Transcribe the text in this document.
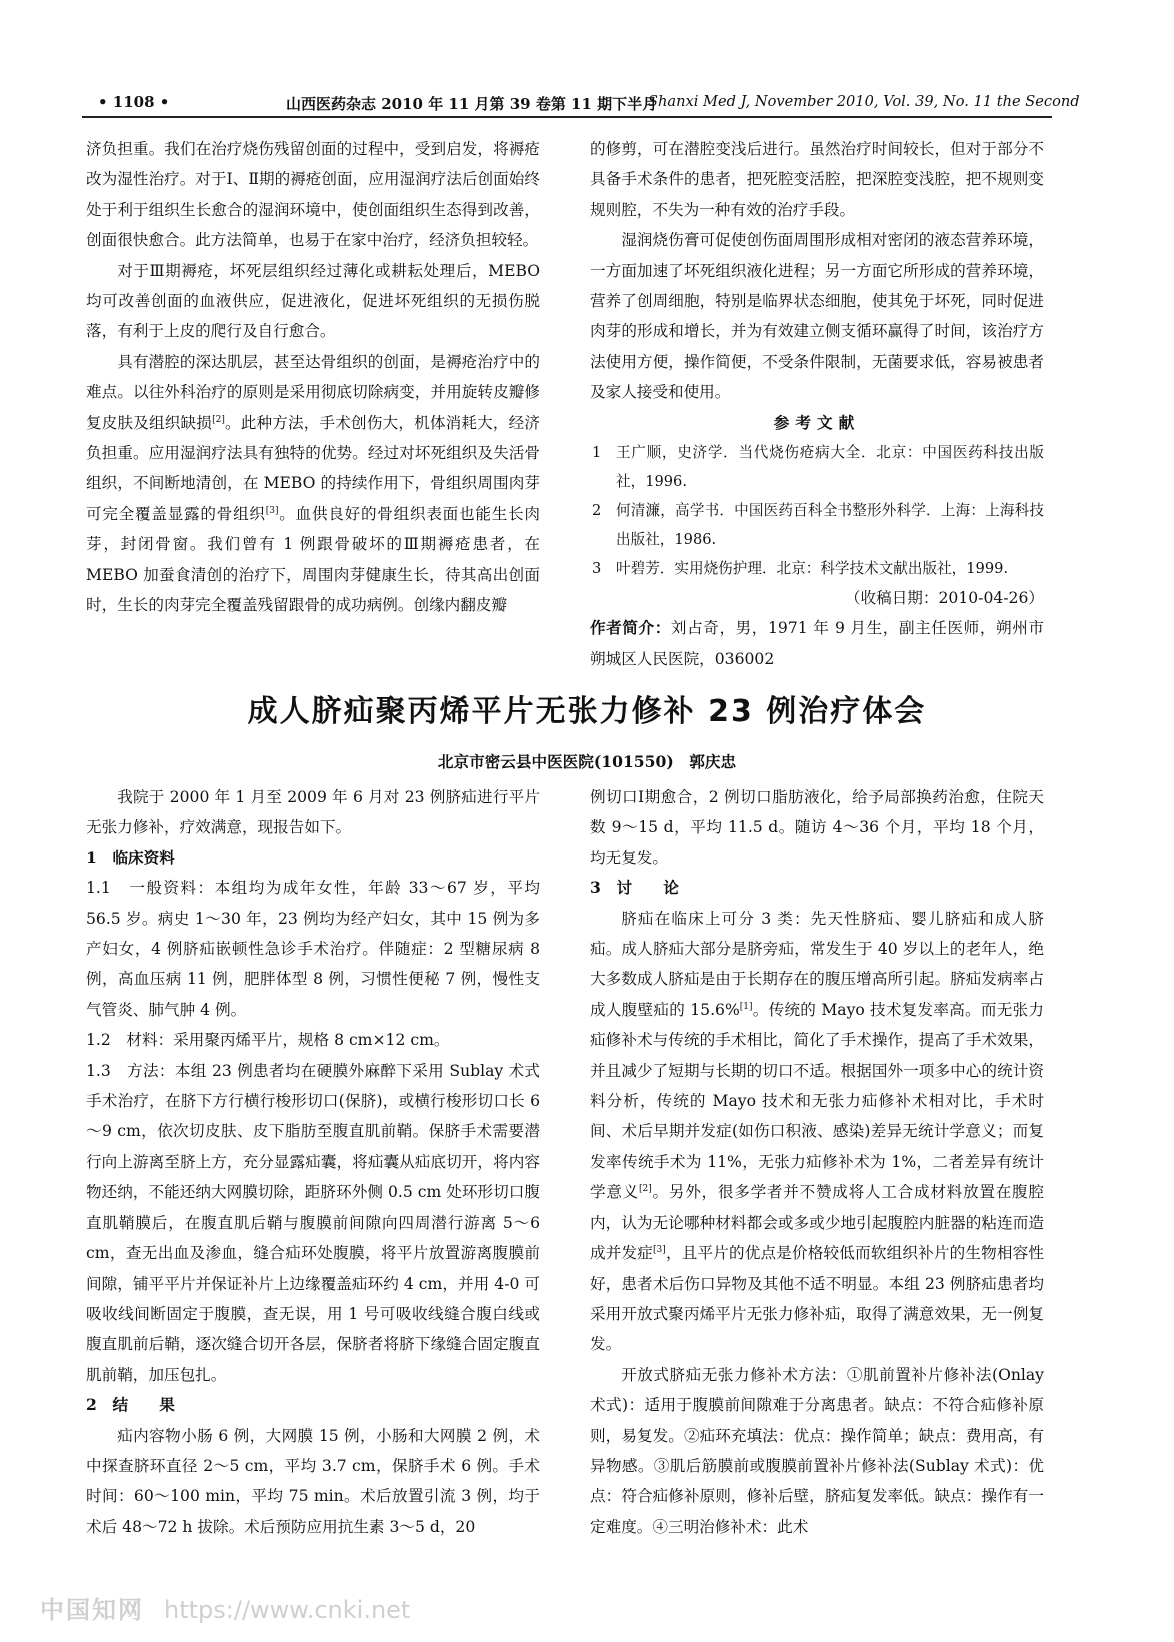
• 1108 •	山西医药杂志 2010 年 11 月第 39 卷第 11 期下半月
Shanxi Med J, November 2010, Vol. 39, No. 11 the Second

济负担重。我们在治疗烧伤残留创面的过程中，受到启发，将褥疮改为湿性治疗。对于Ⅰ、Ⅱ期的褥疮创面，应用湿润疗法后创面始终处于利于组织生长愈合的湿润环境中，使创面组织生态得到改善，创面很快愈合。此方法简单，也易于在家中治疗，经济负担较轻。

对于Ⅲ期褥疮，坏死层组织经过薄化或耕耘处理后，MEBO 均可改善创面的血液供应，促进液化，促进坏死组织的无损伤脱落，有利于上皮的爬行及自行愈合。

具有潜腔的深达肌层，甚至达骨组织的创面，是褥疮治疗中的难点。以往外科治疗的原则是采用彻底切除病变，并用旋转皮瓣修复皮肤及组织缺损[2]。此种方法，手术创伤大，机体消耗大，经济负担重。应用湿润疗法具有独特的优势。经过对坏死组织及失活骨组织，不间断地清创，在 MEBO 的持续作用下，骨组织周围肉芽可完全覆盖显露的骨组织[3]。血供良好的骨组织表面也能生长肉芽，封闭骨窗。我们曾有 1 例跟骨破坏的Ⅲ期褥疮患者，在 MEBO 加蚕食清创的治疗下，周围肉芽健康生长，待其高出创面时，生长的肉芽完全覆盖残留跟骨的成功病例。创缘内翻皮瓣

的修剪，可在潜腔变浅后进行。虽然治疗时间较长，但对于部分不具备手术条件的患者，把死腔变活腔，把深腔变浅腔，把不规则变规则腔，不失为一种有效的治疗手段。

湿润烧伤膏可促使创伤面周围形成相对密闭的液态营养环境，一方面加速了坏死组织液化进程；另一方面它所形成的营养环境，营养了创周细胞，特别是临界状态细胞，使其免于坏死，同时促进肉芽的形成和增长，并为有效建立侧支循环赢得了时间，该治疗方法使用方便，操作简便，不受条件限制，无菌要求低，容易被患者及家人接受和使用。

参考文献

1 王广顺，史济学．当代烧伤疮病大全．北京：中国医药科技出版社，1996.

2 何清濂，高学书．中国医药百科全书整形外科学．上海：上海科技出版社，1986.

3 叶碧芳．实用烧伤护理．北京：科学技术文献出版社，1999.

（收稿日期：2010-04-26）

作者简介：刘占奇，男，1971 年 9 月生，副主任医师，朔州市朔城区人民医院，036002

成人脐疝聚丙烯平片无张力修补 23 例治疗体会
北京市密云县中医医院(101550)　郭庆忠

我院于 2000 年 1 月至 2009 年 6 月对 23 例脐疝进行平片无张力修补，疗效满意，现报告如下。

1　临床资料

1.1　一般资料：本组均为成年女性，年龄 33～67 岁，平均 56.5 岁。病史 1～30 年，23 例均为经产妇女，其中 15 例为多产妇女，4 例脐疝嵌顿性急诊手术治疗。伴随症：2 型糖尿病 8 例，高血压病 11 例，肥胖体型 8 例，习惯性便秘 7 例，慢性支气管炎、肺气肿 4 例。

1.2　材料：采用聚丙烯平片，规格 8 cm×12 cm。

1.3　方法：本组 23 例患者均在硬膜外麻醉下采用 Sublay 术式手术治疗，在脐下方行横行梭形切口(保脐)，或横行梭形切口长 6～9 cm，依次切皮肤、皮下脂肪至腹直肌前鞘。保脐手术需要潜行向上游离至脐上方，充分显露疝囊，将疝囊从疝底切开，将内容物还纳，不能还纳大网膜切除，距脐环外侧 0.5 cm 处环形切口腹直肌鞘膜后，在腹直肌后鞘与腹膜前间隙向四周潜行游离 5～6 cm，查无出血及渗血，缝合疝环处腹膜，将平片放置游离腹膜前间隙，铺平平片并保证补片上边缘覆盖疝环约 4 cm，并用 4-0 可吸收线间断固定于腹膜，查无误，用 1 号可吸收线缝合腹白线或腹直肌前后鞘，逐次缝合切开各层，保脐者将脐下缘缝合固定腹直肌前鞘，加压包扎。

2　结　　果

疝内容物小肠 6 例，大网膜 15 例，小肠和大网膜 2 例，术中探查脐环直径 2～5 cm，平均 3.7 cm，保脐手术 6 例。手术时间：60～100 min，平均 75 min。术后放置引流 3 例，均于术后 48～72 h 拔除。术后预防应用抗生素 3～5 d，20

例切口Ⅰ期愈合，2 例切口脂肪液化，给予局部换药治愈，住院天数 9～15 d，平均 11.5 d。随访 4～36 个月，平均 18 个月，均无复发。

3　讨　　论

脐疝在临床上可分 3 类：先天性脐疝、婴儿脐疝和成人脐疝。成人脐疝大部分是脐旁疝，常发生于 40 岁以上的老年人，绝大多数成人脐疝是由于长期存在的腹压增高所引起。脐疝发病率占成人腹壁疝的 15.6%[1]。传统的 Mayo 技术复发率高。而无张力疝修补术与传统的手术相比，简化了手术操作，提高了手术效果，并且减少了短期与长期的切口不适。根据国外一项多中心的统计资料分析，传统的 Mayo 技术和无张力疝修补术相对比，手术时间、术后早期并发症(如伤口积液、感染)差异无统计学意义；而复发率传统手术为 11%，无张力疝修补术为 1%，二者差异有统计学意义[2]。另外，很多学者并不赞成将人工合成材料放置在腹腔内，认为无论哪种材料都会或多或少地引起腹腔内脏器的粘连而造成并发症[3]，且平片的优点是价格较低而软组织补片的生物相容性好，患者术后伤口异物及其他不适不明显。本组 23 例脐疝患者均采用开放式聚丙烯平片无张力修补疝，取得了满意效果，无一例复发。

开放式脐疝无张力修补术方法：①肌前置补片修补法(Onlay 术式)：适用于腹膜前间隙难于分离患者。缺点：不符合疝修补原则，易复发。②疝环充填法：优点：操作简单；缺点：费用高，有异物感。③肌后筋膜前或腹膜前置补片修补法(Sublay 术式)：优点：符合疝修补原则，修补后壁，脐疝复发率低。缺点：操作有一定难度。④三明治修补术：此术

中国知网 https://www.cnki.net
